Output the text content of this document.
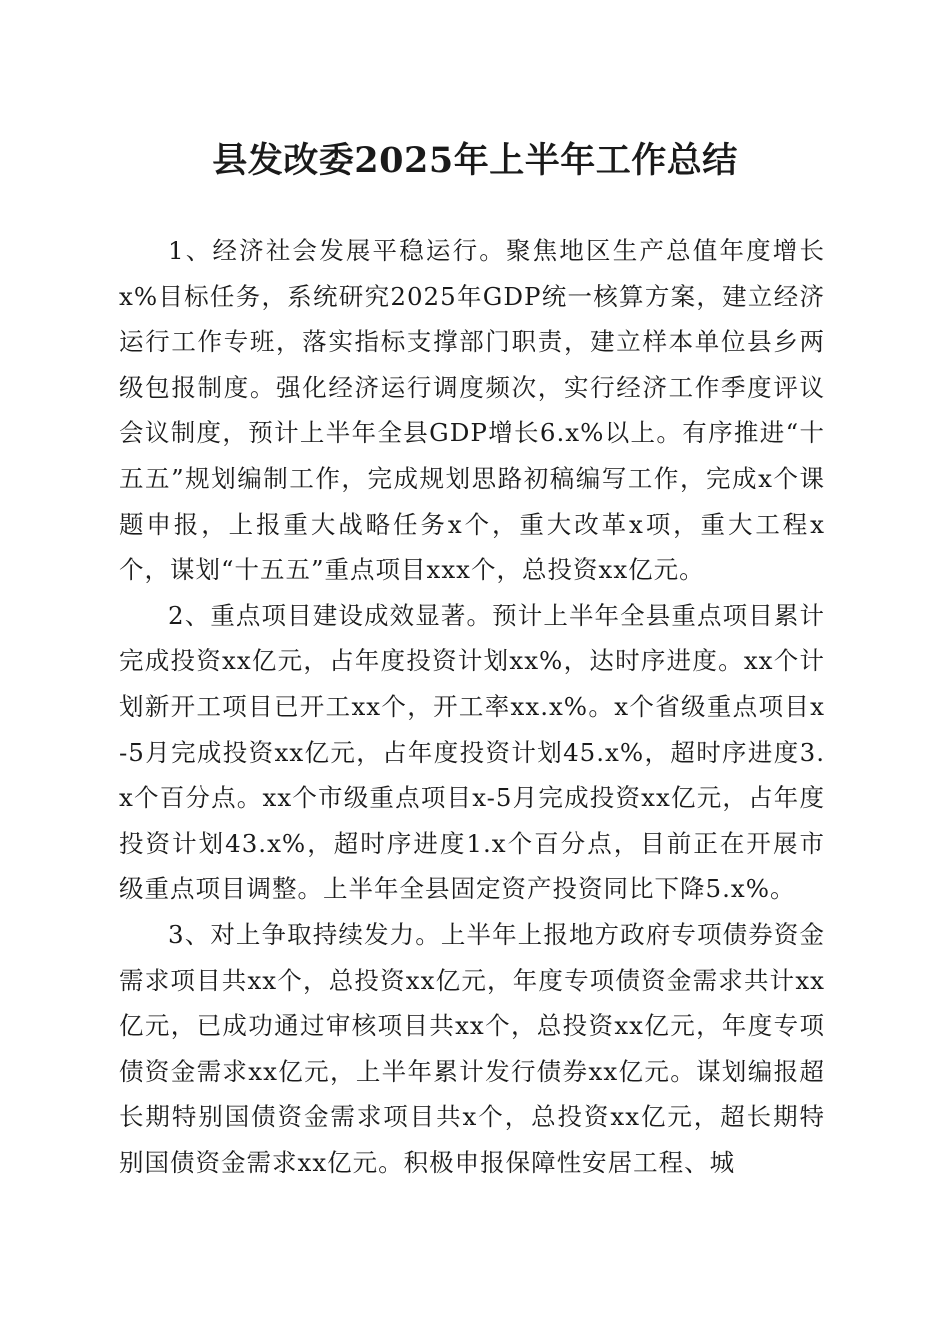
县发改委2025年上半年工作总结

1、经济社会发展平稳运行。聚焦地区生产总值年度增长x%目标任务，系统研究2025年GDP统一核算方案，建立经济运行工作专班，落实指标支撑部门职责，建立样本单位县乡两级包报制度。强化经济运行调度频次，实行经济工作季度评议会议制度，预计上半年全县GDP增长6.x%以上。有序推进“十五五”规划编制工作，完成规划思路初稿编写工作，完成x个课题申报，上报重大战略任务x个，重大改革x项，重大工程x个，谋划“十五五”重点项目xxx个，总投资xx亿元。

2、重点项目建设成效显著。预计上半年全县重点项目累计完成投资xx亿元，占年度投资计划xx%，达时序进度。xx个计划新开工项目已开工xx个，开工率xx.x%。x个省级重点项目x-5月完成投资xx亿元，占年度投资计划45.x%，超时序进度3.x个百分点。xx个市级重点项目x-5月完成投资xx亿元，占年度投资计划43.x%，超时序进度1.x个百分点，目前正在开展市级重点项目调整。上半年全县固定资产投资同比下降5.x%。

3、对上争取持续发力。上半年上报地方政府专项债券资金需求项目共xx个，总投资xx亿元，年度专项债资金需求共计xx亿元，已成功通过审核项目共xx个，总投资xx亿元，年度专项债资金需求xx亿元，上半年累计发行债券xx亿元。谋划编报超长期特别国债资金需求项目共x个，总投资xx亿元，超长期特别国债资金需求xx亿元。积极申报保障性安居工程、城
